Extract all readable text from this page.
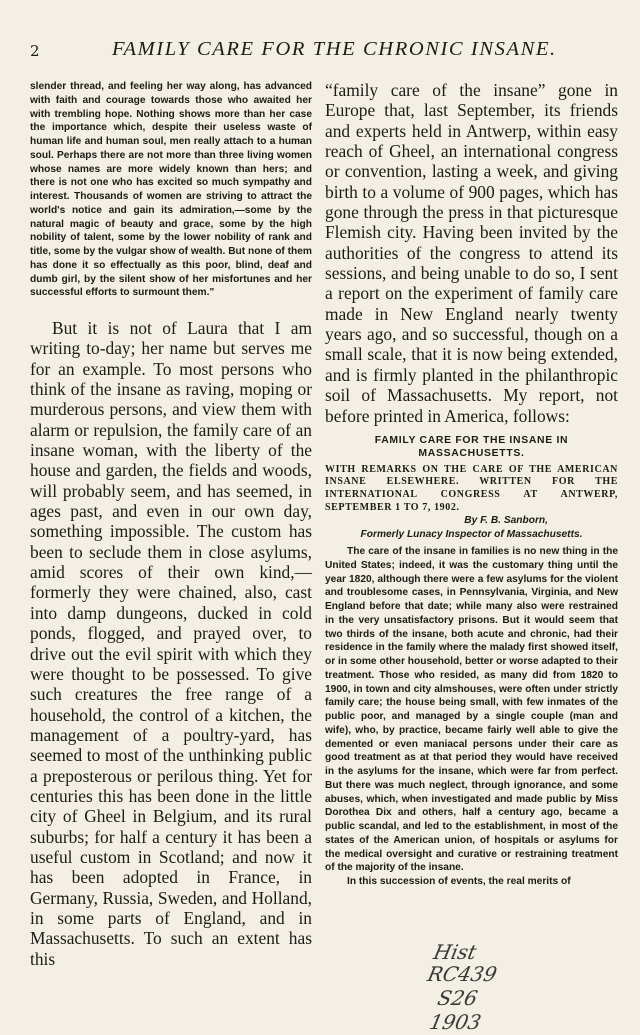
2	FAMILY CARE FOR THE CHRONIC INSANE.

slender thread, and feeling her way along, has advanced with faith and courage towards those who awaited her with trembling hope. Nothing shows more than her case the importance which, despite their useless waste of human life and human soul, men really attach to a human soul. Perhaps there are not more than three living women whose names are more widely known than hers; and there is not one who has excited so much sympathy and interest. Thousands of women are striving to attract the world's notice and gain its admiration,—some by the natural magic of beauty and grace, some by the high nobility of talent, some by the lower nobility of rank and title, some by the vulgar show of wealth. But none of them has done it so effectually as this poor, blind, deaf and dumb girl, by the silent show of her misfortunes and her successful efforts to surmount them."

But it is not of Laura that I am writing to-day; her name but serves me for an example. To most persons who think of the insane as raving, moping or murderous persons, and view them with alarm or repulsion, the family care of an insane woman, with the liberty of the house and garden, the fields and woods, will probably seem, and has seemed, in ages past, and even in our own day, something impossible. The custom has been to seclude them in close asylums, amid scores of their own kind,—formerly they were chained, also, cast into damp dungeons, ducked in cold ponds, flogged, and prayed over, to drive out the evil spirit with which they were thought to be possessed. To give such creatures the free range of a household, the control of a kitchen, the management of a poultry-yard, has seemed to most of the unthinking public a preposterous or perilous thing. Yet for centuries this has been done in the little city of Gheel in Belgium, and its rural suburbs; for half a century it has been a useful custom in Scotland; and now it has been adopted in France, in Germany, Russia, Sweden, and Holland, in some parts of England, and in Massachusetts. To such an extent has this

“family care of the insane” gone in Europe that, last September, its friends and experts held in Antwerp, within easy reach of Gheel, an international congress or convention, lasting a week, and giving birth to a volume of 900 pages, which has gone through the press in that picturesque Flemish city. Having been invited by the authorities of the congress to attend its sessions, and being unable to do so, I sent a report on the experiment of family care made in New England nearly twenty years ago, and so successful, though on a small scale, that it is now being extended, and is firmly planted in the philanthropic soil of Massachusetts. My report, not before printed in America, follows:

FAMILY CARE FOR THE INSANE IN MASSACHUSETTS.

WITH REMARKS ON THE CARE OF THE AMERICAN INSANE ELSEWHERE. WRITTEN FOR THE INTERNATIONAL CONGRESS AT ANTWERP, SEPTEMBER 1 TO 7, 1902.

By F. B. Sanborn,

Formerly Lunacy Inspector of Massachusetts.

The care of the insane in families is no new thing in the United States; indeed, it was the customary thing until the year 1820, although there were a few asylums for the violent and troublesome cases, in Pennsylvania, Virginia, and New England before that date; while many also were restrained in the very unsatisfactory prisons. But it would seem that two thirds of the insane, both acute and chronic, had their residence in the family where the malady first showed itself, or in some other household, better or worse adapted to their treatment. Those who resided, as many did from 1820 to 1900, in town and city almshouses, were often under strictly family care; the house being small, with few inmates of the public poor, and managed by a single couple (man and wife), who, by practice, became fairly well able to give the demented or even maniacal persons under their care as good treatment as at that period they would have received in the asylums for the insane, which were far from perfect. But there was much neglect, through ignorance, and some abuses, which, when investigated and made public by Miss Dorothea Dix and others, half a century ago, became a public scandal, and led to the establishment, in most of the states of the American union, of hospitals or asylums for the medical oversight and curative or restraining treatment of the majority of the insane.

In this succession of events, the real merits of

Hist
RC439
S26
1903
